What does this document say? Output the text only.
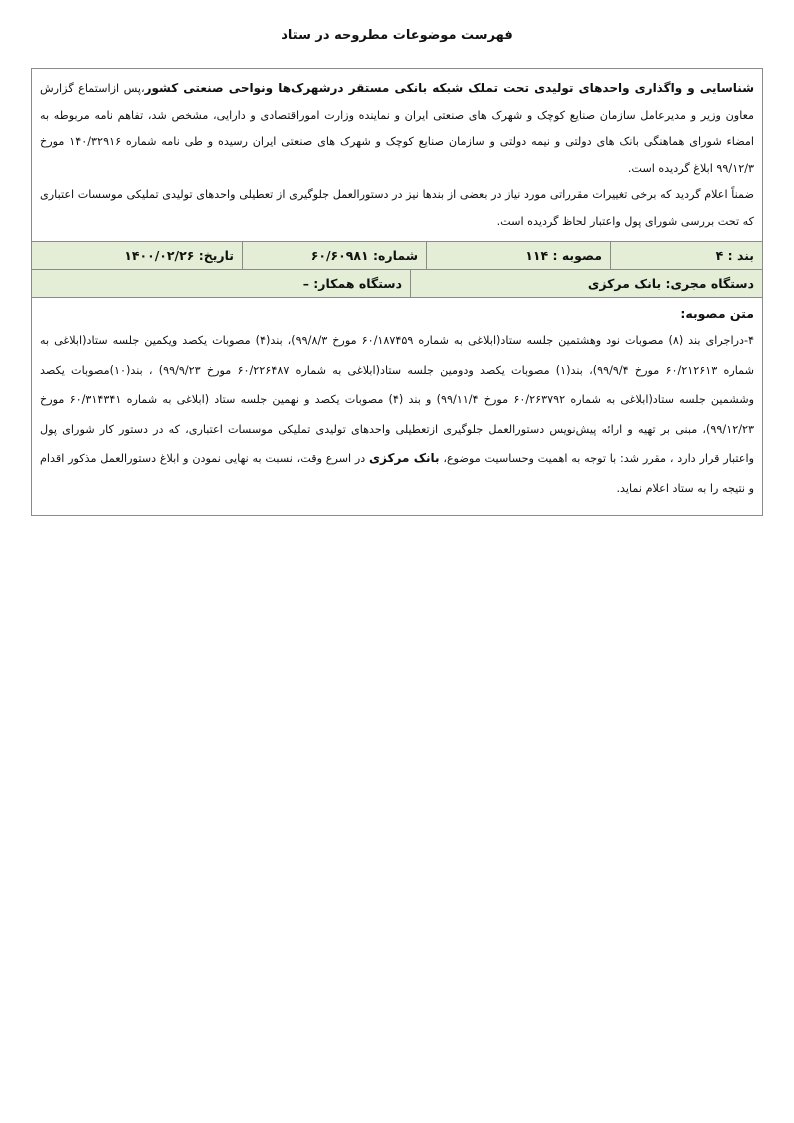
فهرست موضوعات مطروحه در ستاد
شناسایی و واگذاری واحدهای تولیدی تحت تملک شبکه بانکی مستقر درشهرک‌ها ونواحی صنعتی کشور،پس ازاستماع گزارش معاون وزیر و مدیرعامل سازمان صنایع کوچک و شهرک های صنعتی ایران و نماینده وزارت اموراقتصادی و دارایی، مشخص شد، تفاهم نامه مربوطه به امضاء شورای هماهنگی بانک های دولتی و نیمه دولتی و سازمان صنایع کوچک و شهرک های صنعتی ایران رسیده و طی نامه شماره ۱۴۰/۳۲۹۱۶ مورخ ۹۹/۱۲/۳ ابلاغ گردیده است.
ضمناً اعلام گردید که برخی تغییرات مقرراتی مورد نیاز در بعضی از بندها نیز در دستورالعمل جلوگیری از تعطیلی واحدهای تولیدی تملیکی موسسات اعتباری که تحت بررسی شورای پول واعتبار لحاظ گردیده است.
بند : ۴
مصوبه : ۱۱۴
شماره: ۶۰/۶۰۹۸۱
تاریخ: ۱۴۰۰/۰۲/۲۶
دستگاه مجری: بانک مرکزی
دستگاه همکار: –
متن مصوبه:
۴-دراجرای بند (۸) مصوبات نود وهشتمین جلسه ستاد(ابلاغی به شماره ۶۰/۱۸۷۴۵۹ مورخ ۹۹/۸/۳)، بند(۴) مصوبات یکصد ویکمین جلسه ستاد(ابلاغی به شماره ۶۰/۲۱۲۶۱۳ مورخ ۹۹/۹/۴)، بند(۱) مصوبات یکصد ودومین جلسه ستاد(ابلاغی به شماره ۶۰/۲۲۶۴۸۷ مورخ ۹۹/۹/۲۳) ، بند(۱۰)مصوبات یکصد وششمین جلسه ستاد(ابلاغی به شماره ۶۰/۲۶۳۷۹۲ مورخ ۹۹/۱۱/۴) و بند (۴) مصوبات یکصد و نهمین جلسه ستاد (ابلاغی به شماره ۶۰/۳۱۴۳۴۱ مورخ ۹۹/۱۲/۲۳)، مبنی بر تهیه و ارائه پیش‌نویس دستورالعمل جلوگیری ازتعطیلی واحدهای تولیدی تملیکی موسسات اعتباری، که در دستور کار شورای پول واعتبار قرار دارد ، مقرر شد: با توجه به اهمیت وحساسیت موضوع، بانک مرکزی در اسرع وقت، نسبت به نهایی نمودن و ابلاغ دستورالعمل مذکور اقدام و نتیجه را به ستاد اعلام نماید.
